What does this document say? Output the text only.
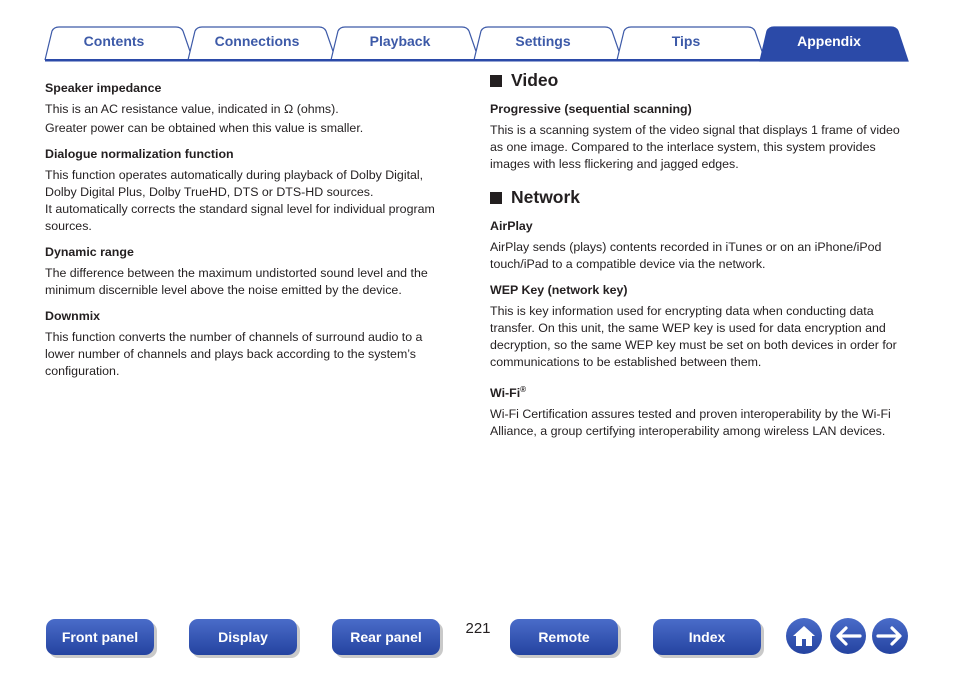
Contents	Connections	Playback	Settings	Tips	Appendix
Speaker impedance

This is an AC resistance value, indicated in Ω (ohms).

Greater power can be obtained when this value is smaller.

Dialogue normalization function

This function operates automatically during playback of Dolby Digital, Dolby Digital Plus, Dolby TrueHD, DTS or DTS-HD sources.

It automatically corrects the standard signal level for individual program sources.

Dynamic range

The difference between the maximum undistorted sound level and the minimum discernible level above the noise emitted by the device.

Downmix

This function converts the number of channels of surround audio to a lower number of channels and plays back according to the system’s configuration.

Video
Progressive (sequential scanning)

This is a scanning system of the video signal that displays 1 frame of video as one image. Compared to the interlace system, this system provides images with less flickering and jagged edges.

Network
AirPlay

AirPlay sends (plays) contents recorded in iTunes or on an iPhone/iPod touch/iPad to a compatible device via the network.

WEP Key (network key)

This is key information used for encrypting data when conducting data transfer. On this unit, the same WEP key is used for data encryption and decryption, so the same WEP key must be set on both devices in order for communications to be established between them.

Wi-Fi®

Wi-Fi Certification assures tested and proven interoperability by the Wi-Fi Alliance, a group certifying interoperability among wireless LAN devices.

Front panel	Display	Rear panel	221	Remote	Index
